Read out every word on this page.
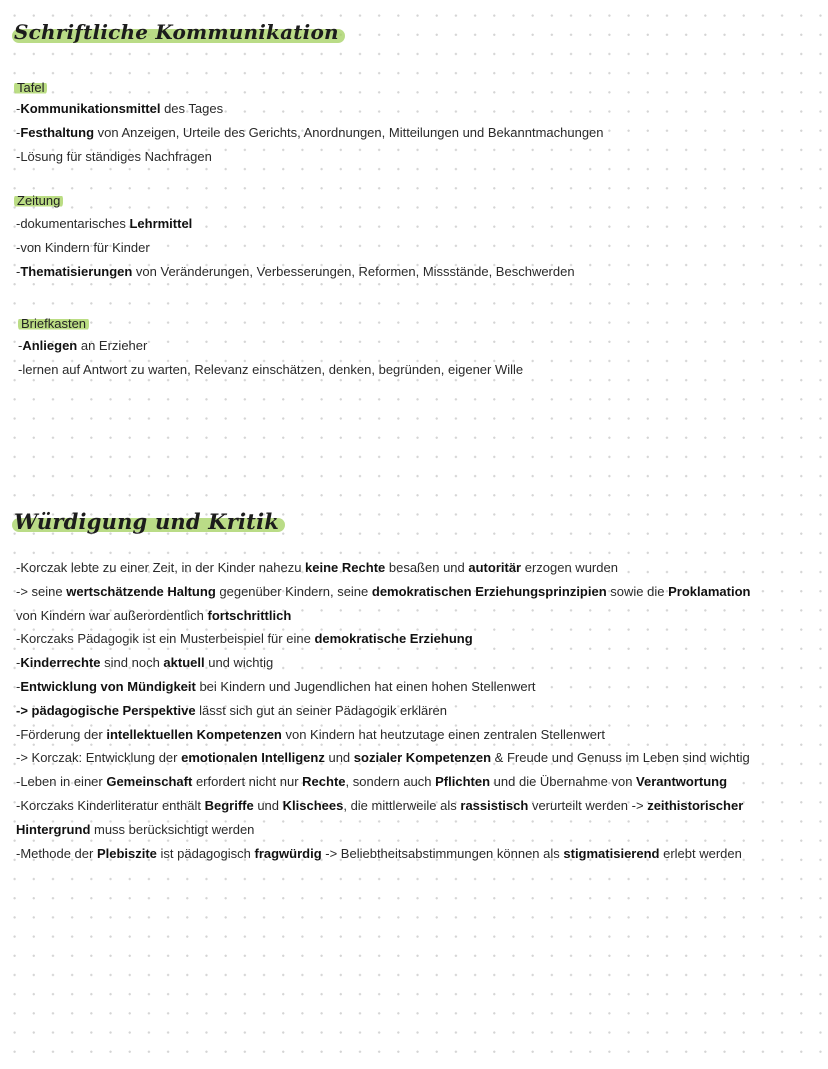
Schriftliche Kommunikation
Tafel
-Kommunikationsmittel des Tages
-Festhaltung von Anzeigen, Urteile des Gerichts, Anordnungen, Mitteilungen und Bekanntmachungen
-Lösung für ständiges Nachfragen
Zeitung
-dokumentarisches Lehrmittel
-von Kindern für Kinder
-Thematisierungen von Veränderungen, Verbesserungen, Reformen, Missstände, Beschwerden
Briefkasten
-Anliegen an Erzieher
-lernen auf Antwort zu warten, Relevanz einschätzen, denken, begründen, eigener Wille
Würdigung und Kritik
-Korczak lebte zu einer Zeit, in der Kinder nahezu keine Rechte besaßen und autoritär erzogen wurden
-> seine wertschätzende Haltung gegenüber Kindern, seine demokratischen Erziehungsprinzipien sowie die Proklamation
von Kindern war außerordentlich fortschrittlich
-Korczaks Pädagogik ist ein Musterbeispiel für eine demokratische Erziehung
-Kinderrechte sind noch aktuell und wichtig
-Entwicklung von Mündigkeit bei Kindern und Jugendlichen hat einen hohen Stellenwert
-> pädagogische Perspektive lässt sich gut an seiner Pädagogik erklären
-Förderung der intellektuellen Kompetenzen von Kindern hat heutzutage einen zentralen Stellenwert
-> Korczak: Entwicklung der emotionalen Intelligenz und sozialer Kompetenzen & Freude und Genuss im Leben sind wichtig
-Leben in einer Gemeinschaft erfordert nicht nur Rechte, sondern auch Pflichten und die Übernahme von Verantwortung
-Korczaks Kinderliteratur enthält Begriffe und Klischees, die mittlerweile als rassistisch verurteilt werden -> zeithistorischer
Hintergrund muss berücksichtigt werden
-Methode der Plebiszite ist pädagogisch fragwürdig -> Beliebtheitsabstimmungen können als stigmatisierend erlebt werden
